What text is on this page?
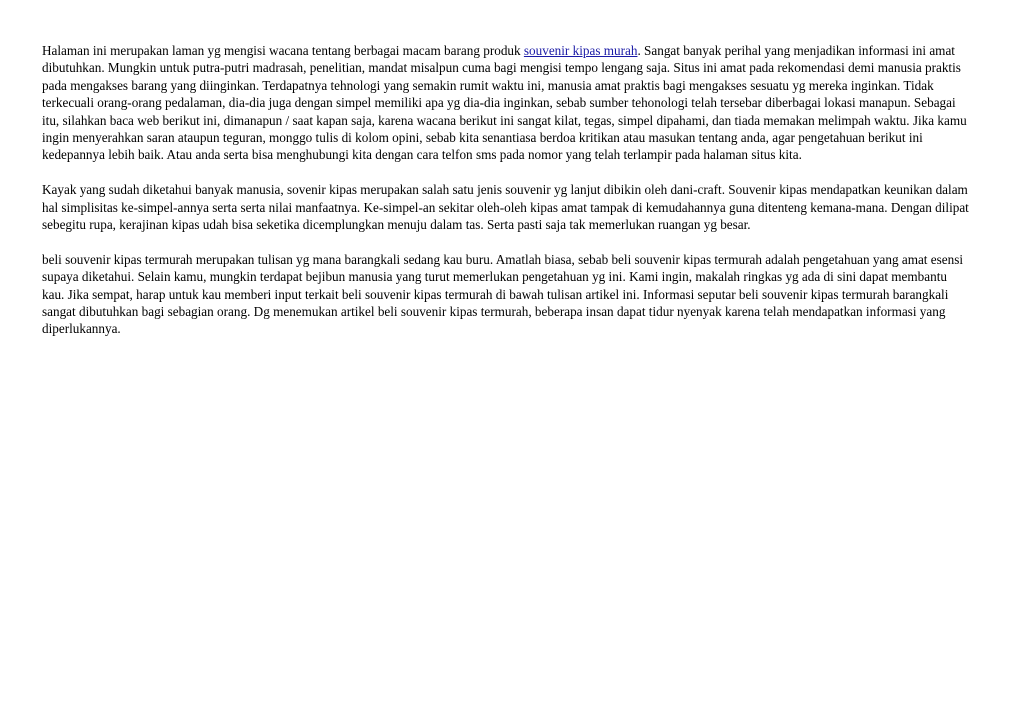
Halaman ini merupakan laman yg mengisi wacana tentang berbagai macam barang produk souvenir kipas murah. Sangat banyak perihal yang menjadikan informasi ini amat dibutuhkan. Mungkin untuk putra-putri madrasah, penelitian, mandat misalpun cuma bagi mengisi tempo lengang saja. Situs ini amat pada rekomendasi demi manusia praktis pada mengakses barang yang diinginkan. Terdapatnya tehnologi yang semakin rumit waktu ini, manusia amat praktis bagi mengakses sesuatu yg mereka inginkan. Tidak terkecuali orang-orang pedalaman, dia-dia juga dengan simpel memiliki apa yg dia-dia inginkan, sebab sumber tehonologi telah tersebar diberbagai lokasi manapun. Sebagai itu, silahkan baca web berikut ini, dimanapun / saat kapan saja, karena wacana berikut ini sangat kilat, tegas, simpel dipahami, dan tiada memakan melimpah waktu. Jika kamu ingin menyerahkan saran ataupun teguran, monggo tulis di kolom opini, sebab kita senantiasa berdoa kritikan atau masukan tentang anda, agar pengetahuan berikut ini kedepannya lebih baik. Atau anda serta bisa menghubungi kita dengan cara telfon sms pada nomor yang telah terlampir pada halaman situs kita.

Kayak yang sudah diketahui banyak manusia, sovenir kipas merupakan salah satu jenis souvenir yg lanjut dibikin oleh dani-craft. Souvenir kipas mendapatkan keunikan dalam hal simplisitas ke-simpel-annya serta serta nilai manfaatnya. Ke-simpel-an sekitar oleh-oleh kipas amat tampak di kemudahannya guna ditenteng kemana-mana. Dengan dilipat sebegitu rupa, kerajinan kipas udah bisa seketika dicemplungkan menuju dalam tas. Serta pasti saja tak memerlukan ruangan yg besar.

beli souvenir kipas termurah merupakan tulisan yg mana barangkali sedang kau buru. Amatlah biasa, sebab beli souvenir kipas termurah adalah pengetahuan yang amat esensi supaya diketahui. Selain kamu, mungkin terdapat bejibun manusia yang turut memerlukan pengetahuan yg ini. Kami ingin, makalah ringkas yg ada di sini dapat membantu kau. Jika sempat, harap untuk kau memberi input terkait beli souvenir kipas termurah di bawah tulisan artikel ini. Informasi seputar beli souvenir kipas termurah barangkali sangat dibutuhkan bagi sebagian orang. Dg menemukan artikel beli souvenir kipas termurah, beberapa insan dapat tidur nyenyak karena telah mendapatkan informasi yang diperlukannya.
